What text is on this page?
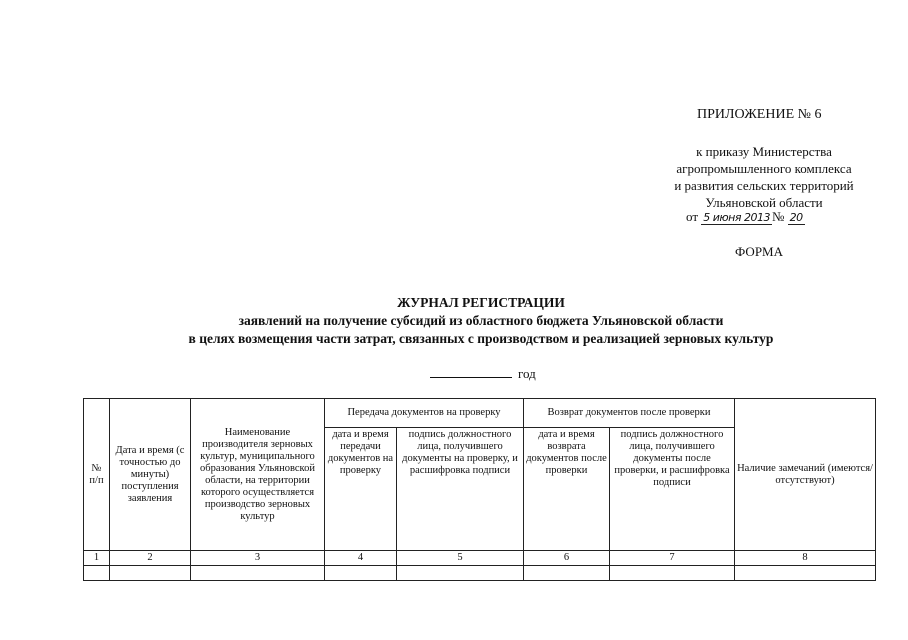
ПРИЛОЖЕНИЕ № 6
к приказу Министерства
агропромышленного комплекса
и развития сельских территорий
Ульяновской области
от 5 июня 2013 № 20
ФОРМА
ЖУРНАЛ РЕГИСТРАЦИИ
заявлений на получение субсидий из областного бюджета Ульяновской области
в целях возмещения части затрат, связанных с производством и реализацией зерновых культур
год
№ п/п	Дата и время (с точностью до минуты) поступления заявления	Наименование производителя зерновых культур, муниципального образования Ульяновской области, на территории которого осуществляется производство зерновых культур	Передача документов на проверку		Возврат документов после проверки		Наличие замечаний (имеются/отсутствуют)
			дата и время передачи документов на проверку	подпись должностного лица, получившего документы на проверку, и расшифровка подписи	дата и время возврата документов после проверки	подпись должностного лица, получившего документы после проверки, и расшифровка подписи	
1	2	3	4	5	6	7	8
